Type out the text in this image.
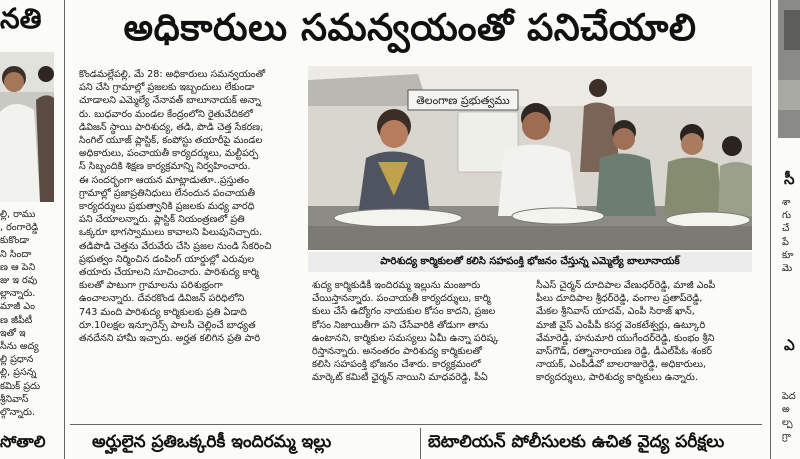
నతి

ల్లి, రాము

, రంగారెడ్డి

కుకొండా

ని సిందా

ణ ఆ పెని

జు ఇ రవు

ల్లాన్నారు.

మాజీ ఎం

ణ జీపీటీ

ఇతో ఇ

సీను అద్య

ల్లి ప్రధాన

ల్లి, ప్రసన్న

కమిక్ ప్రదు

శ్రీనివాస్

ల్గొన్నారు.

సోతాలి
అధికారులు సమన్వయంతో పనిచేయాలి

కొండమల్లేపల్లి, మే 28: అధికారులు సమన్వయంతో

పని చేసి గ్రామాల్లో ప్రజలకు ఇబ్బందులు లేకుండా

చూడాలని ఎమ్మెల్యే నేనావత్ బాలూనాయక్ అన్నా

రు. బుధవారం మండల కేంద్రంలోని రైతువేదికలో

డివిజన్ స్థాయి పారిశుద్య, తడి, పొడి చెత్త సేకరణ,

సింగిల్ యూజ్ ప్లాస్టిక్, కంపోస్టు తయారీపై మండల

అధికారులు, పంచాయతీ కార్యదర్శులు, మల్టీపర్ప

స్ సిబ్బందికి శిక్షణ కార్యక్రమాన్ని నిర్వహించారు.

ఈ సందర్భంగా ఆయన మాట్లాడుతూ..ప్రస్తుతం

గ్రామాల్లో ప్రజాప్రతినిధులు లేనందున పంచాయతీ

కార్యదర్శులు ప్రభుత్వానికి ప్రజలకు మధ్య వారధి

పని చేయాలన్నారు. ప్లాస్టిక్ నియంత్రణలో ప్రతి

ఒక్కరూ భాగస్వాములు కావాలని పిలుపునిచ్చారు.

తడిపొడి చెత్తను వేరువేరు చేసి ప్రజల నుండి సేకరించి

ప్రభుత్వం నిర్మించిన డంపింగ్ యార్డుల్లో ఎరువుల

తయారు చేయాలని సూచించారు. పారిశుద్య కార్మి

కులతో పాటుగా గ్రామాలను పరిశుభ్రంగా

ఉంచాలన్నారు. దేవరకొండ డివిజన్ పరిధిలోని

743 మంది పారిశుద్య కార్మికులకు ప్రతి ఏడాది

రూ.10లక్షల ఇన్సూరెన్స్ పాలసీ చెల్లించే బాధ్యత

తనదేనని హామీ ఇచ్చారు. అర్హత కలిగిన ప్రతి పారి

తెలంగాణ ప్రభుత్వము
పారిశుద్య కార్మికులతో కలిసి సహపంక్తి భోజనం చేస్తున్న ఎమ్మెల్యే బాలూనాయక్

శుద్య కార్మికుడికీ ఇందిరమ్మ ఇల్లును మంజూరు

చేయిస్తానన్నారు. పంచాయతీ కార్యదర్శులు, కార్మి

కులు చేసే ఉద్యోగం నాయకుల కోసం కాదని, ప్రజల

కోసం నిజాయితీగా పని చేసేవారికి తోడుగా తాను

ఉంటానని, కార్మికుల సమస్యలు ఏమీ ఉన్నా పరిష్క

రిస్తానన్నారు. అనంతరం పారిశుద్య కార్మికులతో

కలిసి సహపంక్తి భోజనం చేశారు. కార్యక్రమంలో

మార్కెట్ కమిటీ ఛైర్మన్ నాయిని మాధవరెడ్డి, పీఏ

సీఎస్ చైర్మన్ దూదిపాల వేణుధర్‌రెడ్డి, మాజీ ఎంపీ

పీలు దూదిపాల శ్రీధర్‌రెడ్డి, వంగాల ప్రతాప్‌రెడ్డి,

మేకల శ్రీనివాస్ యాదవ్, ఎంపీ సిరాజ్ ఖాన్,

మాజీ వైస్ ఎంపీపీ కసర్ల వెంకటేశ్వర్లు, ఉట్కూరి

వేమారెడ్డి, హనుమారి యుగేందర్‌రెడ్డి, కుంభం శ్రీని

వాస్‌గౌడ్, రత్నానారాయణ రెడ్డి, డీఎల్‌పీఓ శంకర్

నాయక్, ఎంపీడీవో బాలరాజురెడ్డి, అధికారులు,

కార్యదర్శులు, పారిశుద్య కార్మికులు ఉన్నారు.

అర్హులైన ప్రతిఒక్కరికీ ఇందిరమ్మ ఇల్లు	బెటాలియన్ పోలీసులకు ఉచిత వైద్య పరీక్షలు
సీ

శా

గు

చే

పే

కూ

మె

ఎ

పెద

అ

ల్ప

గ్రా
